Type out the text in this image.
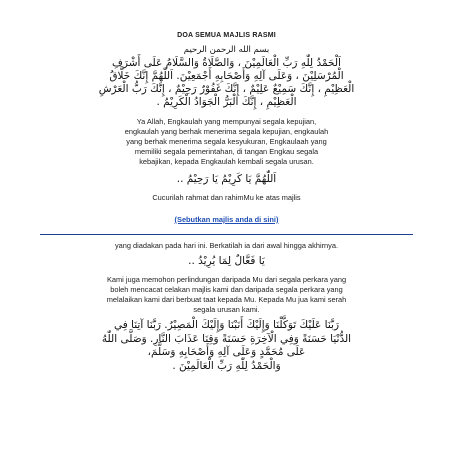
DOA SEMUA MAJLIS RASMI
بسم الله الرحمن الرحيم
اَلْحَمْدُ لِلّٰهِ رَبِّ الْعَالَمِيْنَ ، وَالصَّلَاةُ وَالسَّلَامُ عَلَى أَشْرَفِ
الْمُرْسَلِيْنَ ، وَعَلَى آلِهِ وَأَصْحَابِهِ أَجْمَعِيْنَ. اَللّٰهُمَّ إِنَّكَ خَلَّاقُ
الْعَظِيْمِ ، إِنَّكَ سَمِيْعٌ عَلِيْمٌ ، إِنَّكَ غَفُوْرٌ رَحِيْمٌ ، إِنَّكَ رَبُّ الْعَرْشِ
الْعَظِيْمِ ، إِنَّكَ الْبَرُّ الْجَوَادُ الْكَرِيْمُ .
Ya Allah, Engkaulah yang mempunyai segala kepujian,
engkaulah yang berhak menerima segala kepujian, engkaulah
yang berhak menerima segala kesyukuran, Engkaulaah yang
memiliki segala pemerintahan, di tangan Engkau segala
kebajikan, kepada Engkaulah kembali segala urusan.
اَللّٰهُمَّ يَا كَرِيْمُ يَا رَحِيْمُ ..
Cucurilah rahmat dan rahimMu ke atas majlis
(Sebutkan majlis anda di sini)
yang diadakan pada hari ini. Berkatilah ia dari awal hingga akhirnya.
يَا فَعَّالٌ لِمَا يُرِيْدُ ..
Kami juga memohon perlindungan daripada Mu dari segala perkara yang
boleh mencacat celakan majlis kami dan daripada segala perkara yang
melalaikan kami dari berbuat taat kepada Mu. Kepada Mu jua kami serah
segala urusan kami.
رَبَّنَا عَلَيْكَ تَوَكَّلْنَا وَإِلَيْكَ أَنَبْنَا وَإِلَيْكَ الْمَصِيْرُ. رَبَّنَا آتِنَا فِي
الدُّنْيَا حَسَنَةً وَفِي الْآخِرَةِ حَسَنَةً وَقِنَا عَذَابَ النَّارِ. وَصَلَّى اللّٰهُ
عَلَى مُحَمَّدٍ وَعَلَى آلِهِ وَأَصْحَابِهِ وَسَلَّمَ،
وَالْحَمْدُ لِلّٰهِ رَبِّ الْعَالَمِيْنَ .
